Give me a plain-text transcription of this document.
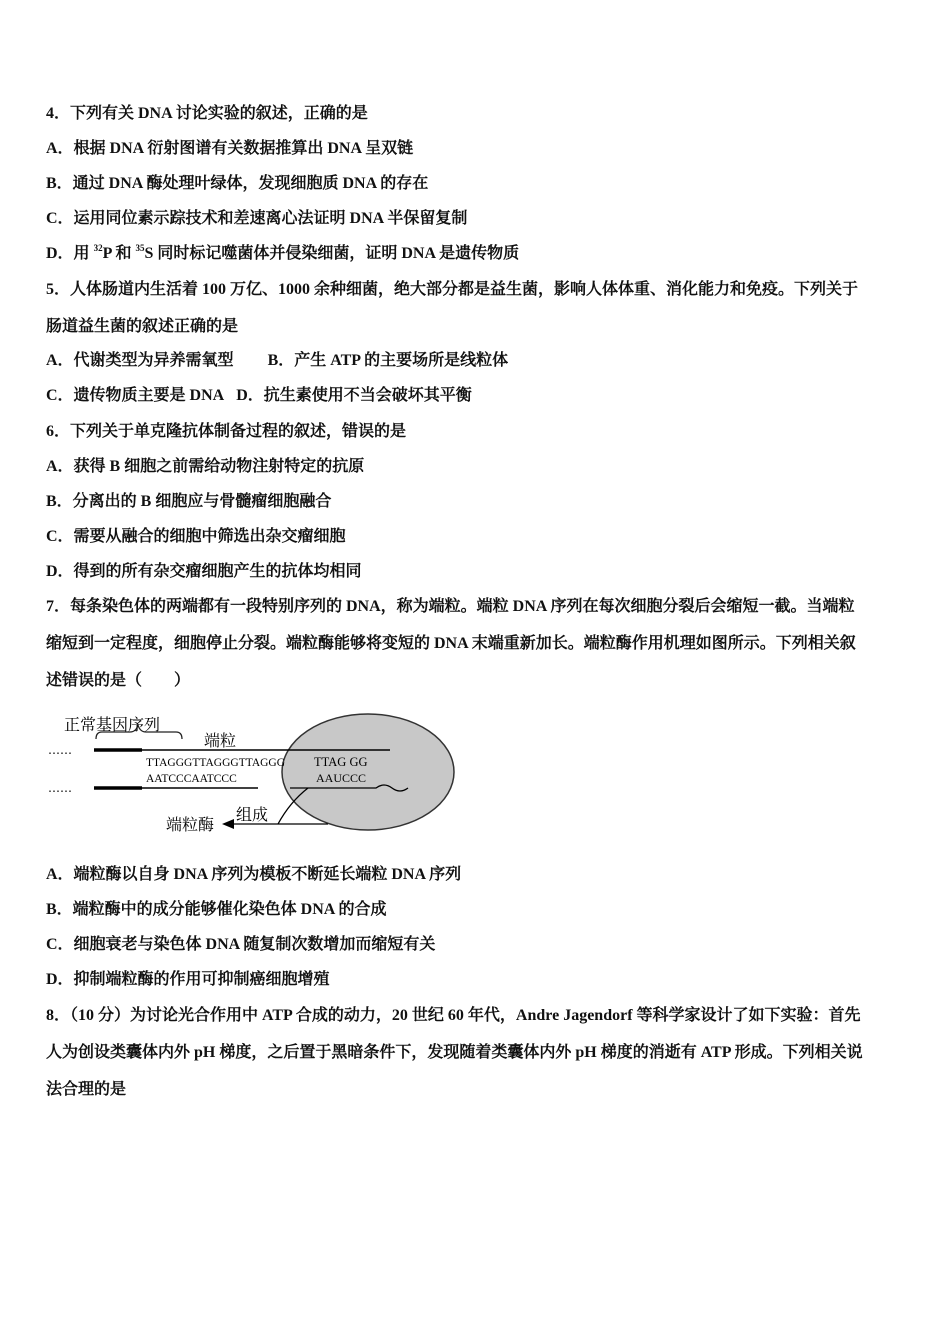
4．下列有关 DNA 讨论实验的叙述，正确的是
A．根据 DNA 衍射图谱有关数据推算出 DNA 呈双链
B．通过 DNA 酶处理叶绿体，发现细胞质 DNA 的存在
C．运用同位素示踪技术和差速离心法证明 DNA 半保留复制
D．用 $^{32}$P 和 $^{35}$S 同时标记噬菌体并侵染细菌，证明 DNA 是遗传物质
5．人体肠道内生活着 100 万亿、1000 余种细菌，绝大部分都是益生菌，影响人体体重、消化能力和免疫。下列关于
肠道益生菌的叙述正确的是
A．代谢类型为异养需氧型 B．产生 ATP 的主要场所是线粒体
C．遗传物质主要是 DNA D．抗生素使用不当会破坏其平衡
6．下列关于单克隆抗体制备过程的叙述，错误的是
A．获得 B 细胞之前需给动物注射特定的抗原
B．分离出的 B 细胞应与骨髓瘤细胞融合
C．需要从融合的细胞中筛选出杂交瘤细胞
D．得到的所有杂交瘤细胞产生的抗体均相同
7．每条染色体的两端都有一段特别序列的 DNA，称为端粒。端粒 DNA 序列在每次细胞分裂后会缩短一截。当端粒
缩短到一定程度，细胞停止分裂。端粒酶能够将变短的 DNA 末端重新加长。端粒酶作用机理如图所示。下列相关叙
述错误的是（　　）
A．端粒酶以自身 DNA 序列为模板不断延长端粒 DNA 序列
B．端粒酶中的成分能够催化染色体 DNA 的合成
C．细胞衰老与染色体 DNA 随复制次数增加而缩短有关
D．抑制端粒酶的作用可抑制癌细胞增殖
8．（10 分）为讨论光合作用中 ATP 合成的动力，20 世纪 60 年代，Andre Jagendorf 等科学家设计了如下实验：首先
人为创设类囊体内外 pH 梯度，之后置于黑暗条件下，发现随着类囊体内外 pH 梯度的消逝有 ATP 形成。下列相关说
法合理的是
正常基因序列
端粒
……
TTAGGGTTAGGGTTAGGG TTAG GG
AATCCCAATCCC	AAUCCC
……
组成
端粒酶
